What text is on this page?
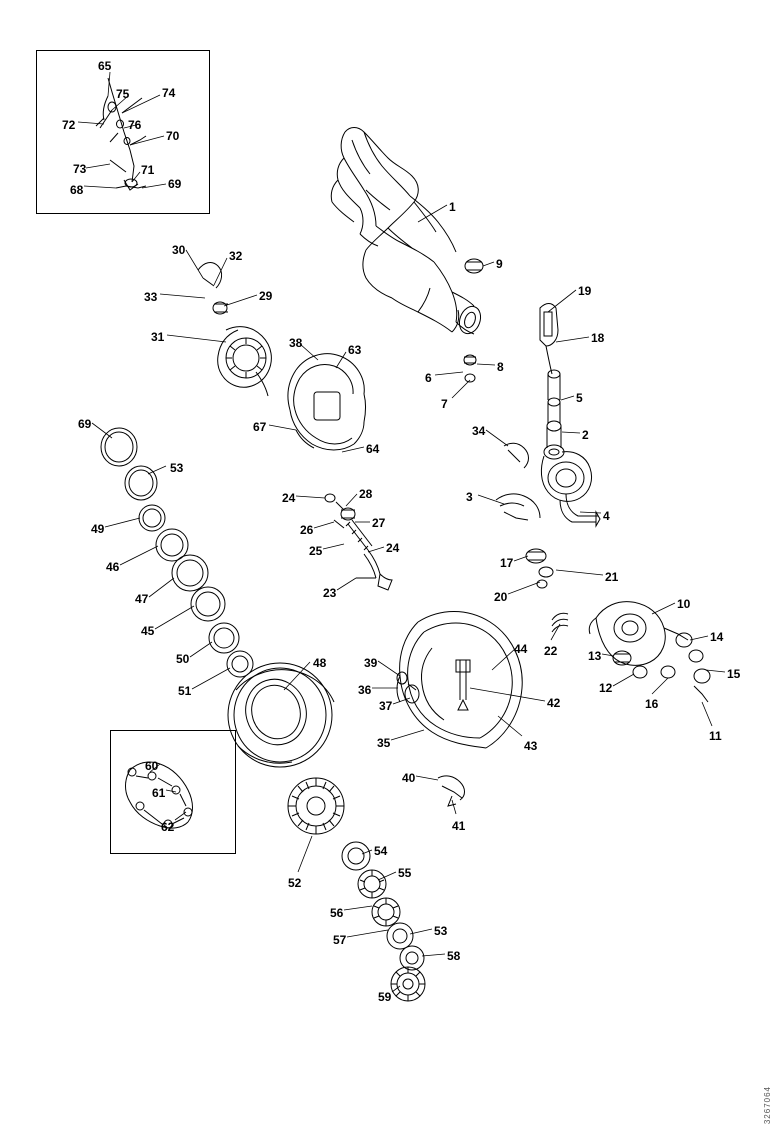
65
75	74
72	76
70
73	71
68	69
1
30	32
9
19
33	29
18
31	38	63
8
6
7	5
67
2
34
69
64
53
3
4
24	28
49	27
26
46
25	24
17
47	23
21
20	10
45
22
14
50
44	13
15
39
51
48
36	12
16
37	42
11
35	43
60
61
40
62	41
54
55
52
56
57
53
58
59
3267064
